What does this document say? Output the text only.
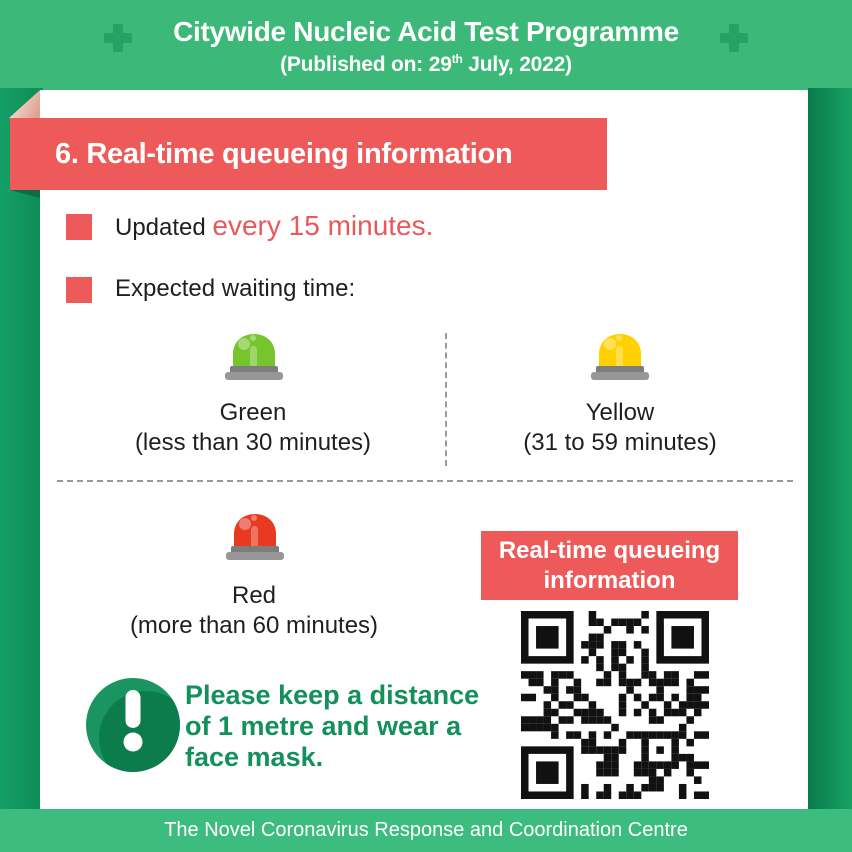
Citywide Nucleic Acid Test Programme
(Published on: 29th July, 2022)
6. Real-time queueing information
Updated every 15 minutes.
Expected waiting time:
Green
(less than 30 minutes)
Yellow
(31 to 59 minutes)
Red
(more than 60 minutes)
Real-time queueing
information
Please keep a distance
of 1 metre and wear a
face mask.
The Novel Coronavirus Response and Coordination Centre
